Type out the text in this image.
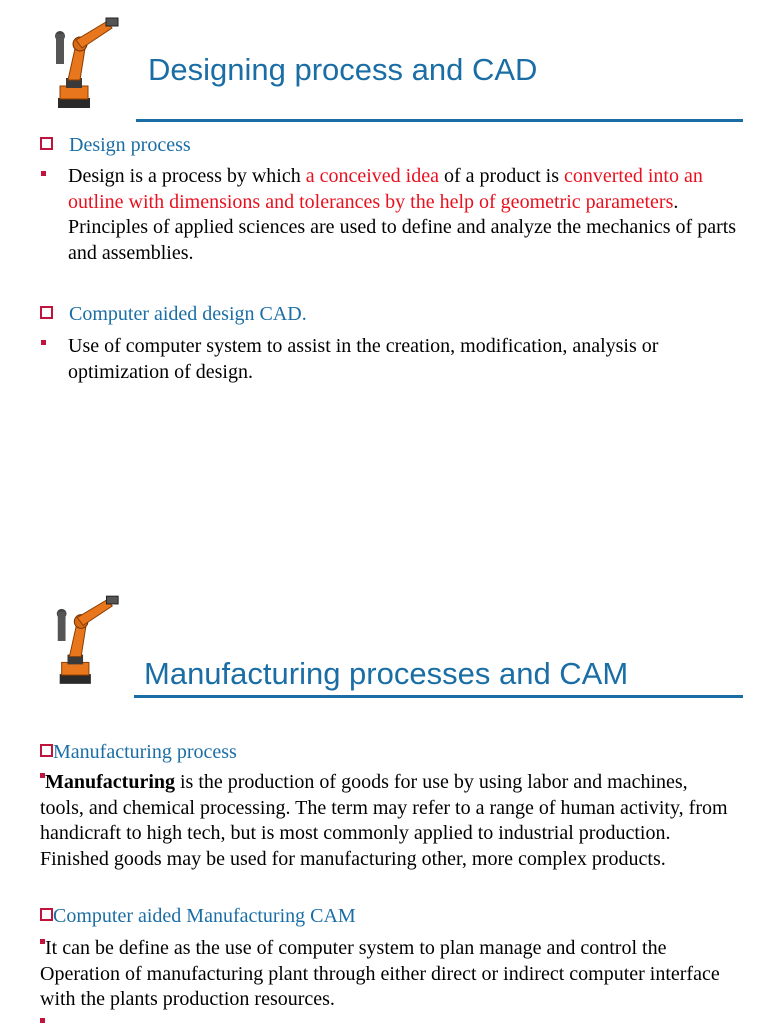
Designing process and CAD
Design process
Design is a process by which a conceived idea of a product is converted into an outline with dimensions and tolerances by the help of geometric parameters. Principles of applied sciences are used to define and analyze the mechanics of parts and assemblies.
Computer aided design CAD.
Use of computer system to assist in the creation, modification, analysis or optimization of design.
Manufacturing processes and CAM
Manufacturing process
Manufacturing is the production of goods for use by using labor and machines, tools, and chemical processing. The term may refer to a range of human activity, from handicraft to high tech, but is most commonly applied to industrial production. Finished goods may be used for manufacturing other, more complex products.
Computer aided Manufacturing CAM
It can be define as the use of computer system to plan manage and control the Operation of manufacturing plant through either direct or indirect computer interface with the plants production resources.
